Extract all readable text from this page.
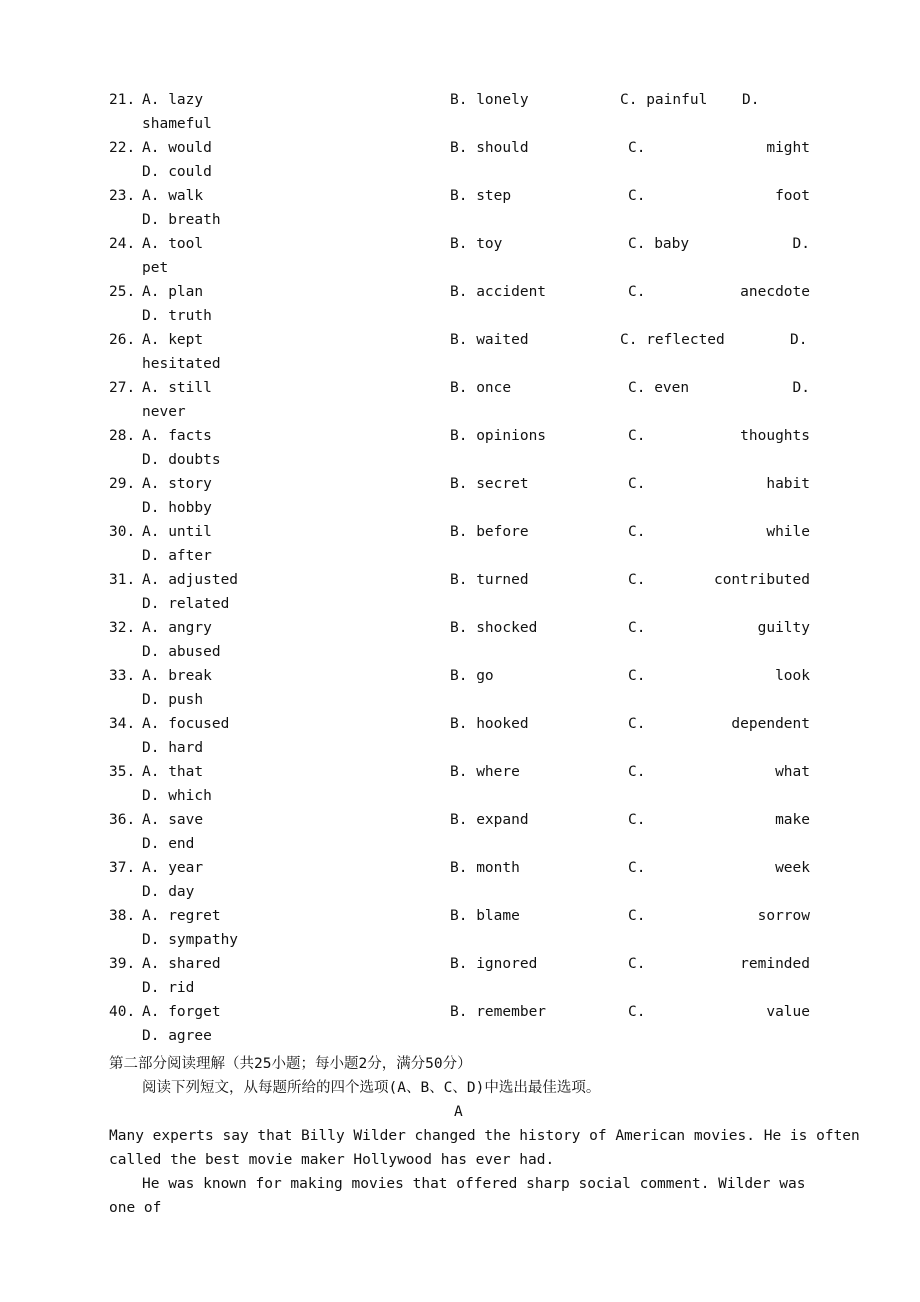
21. A. lazy	B. lonely	C. painful D.
shameful
22. A. would	B. should	C.	might
D. could
23. A. walk	B. step	C.	foot
D. breath
24. A. tool	B. toy	C. baby	D.
pet
25. A. plan	B. accident	C.	anecdote
D. truth
26. A. kept	B. waited	C. reflected	D.
hesitated
27. A. still	B. once	C. even	D.
never
28. A. facts	B. opinions	C.	thoughts
D. doubts
29. A. story	B. secret	C.	habit
D. hobby
30. A. until	B. before	C.	while
D. after
31. A. adjusted	B. turned	C.	contributed
D. related
32. A. angry	B. shocked	C.	guilty
D. abused
33. A. break	B. go	C.	look
D. push
34. A. focused	B. hooked	C.	dependent
D. hard
35. A. that	B. where	C.	what
D. which
36. A. save	B. expand	C.	make
D. end
37. A. year	B. month	C.	week
D. day
38. A. regret	B. blame	C.	sorrow
D. sympathy
39. A. shared	B. ignored	C.	reminded
D. rid
40. A. forget	B. remember	C.	value
D. agree
第二部分阅读理解（共25小题；每小题2分，满分50分）
阅读下列短文，从每题所给的四个选项(A、B、C、D)中选出最佳选项。
A
Many experts say that Billy Wilder changed the history of American movies. He is often called the best movie maker Hollywood has ever had.
He was known for making movies that offered sharp social comment. Wilder was one of
